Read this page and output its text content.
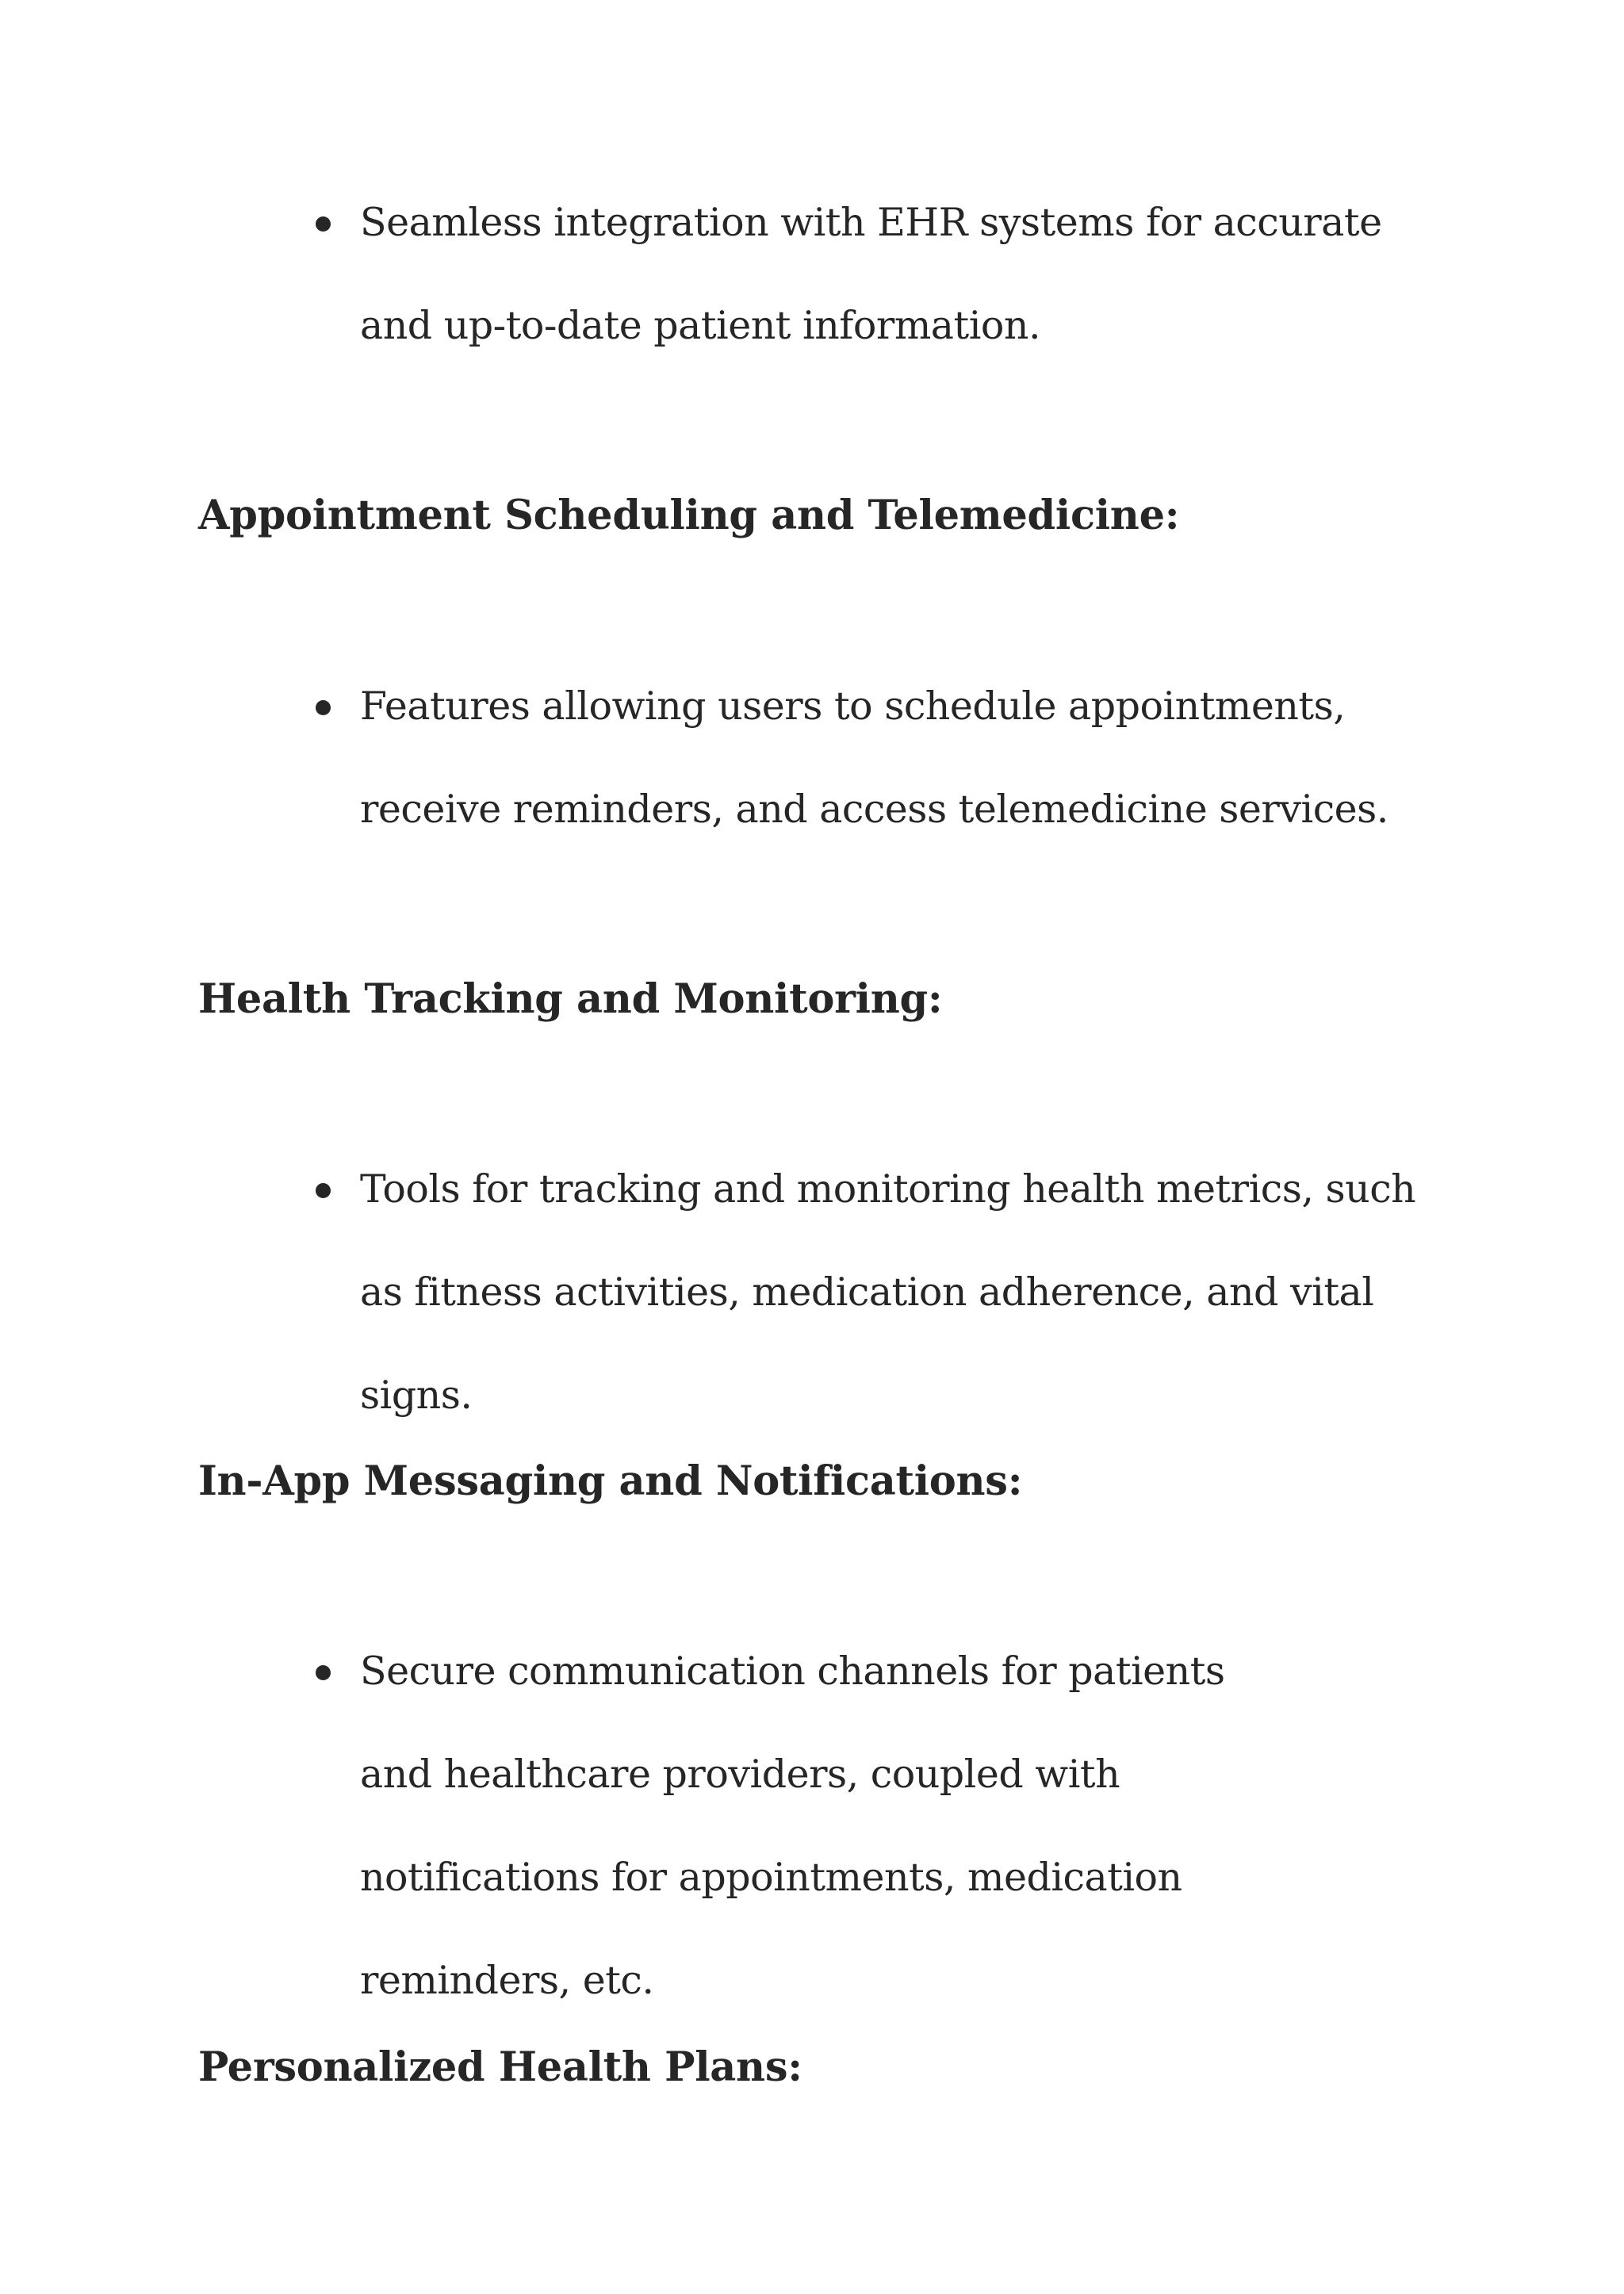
Seamless integration with EHR systems for accurate and up-to-date patient information.
Appointment Scheduling and Telemedicine:
Features allowing users to schedule appointments, receive reminders, and access telemedicine services.
Health Tracking and Monitoring:
Tools for tracking and monitoring health metrics, such as fitness activities, medication adherence, and vital signs.
In-App Messaging and Notifications:
Secure communication channels for patients and healthcare providers, coupled with notifications for appointments, medication reminders, etc.
Personalized Health Plans:
